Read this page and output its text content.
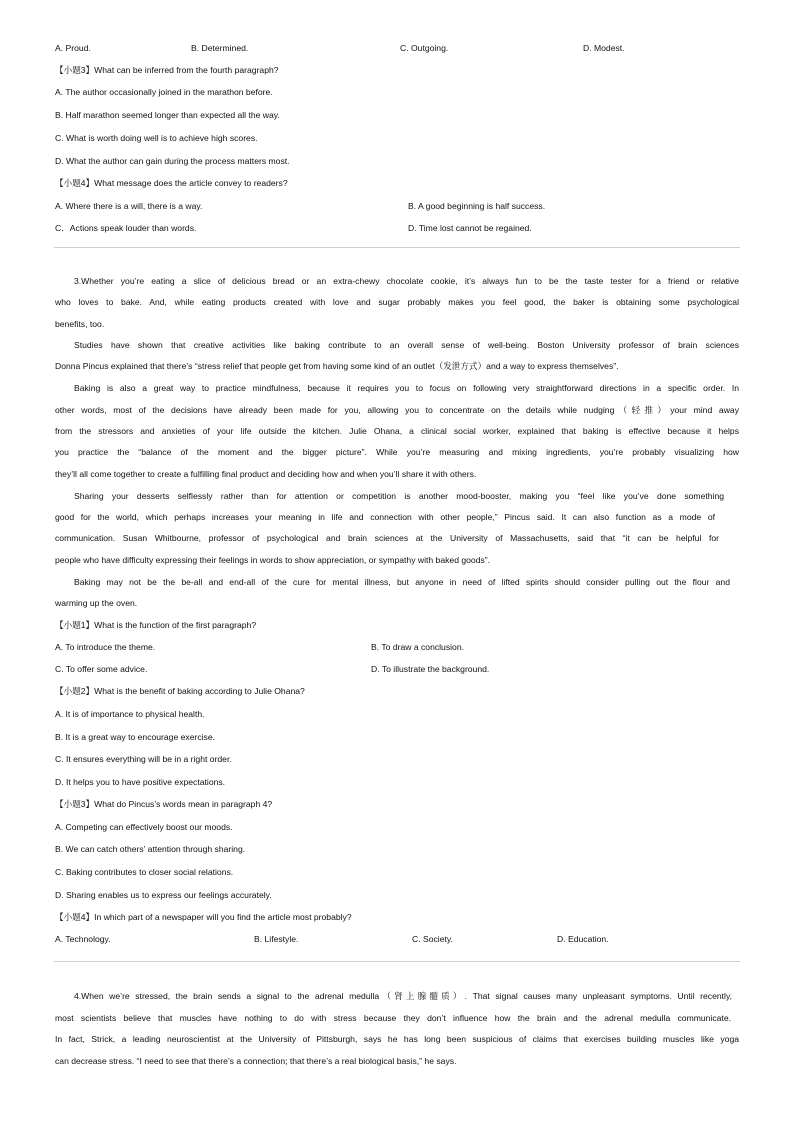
A. Proud.	B. Determined.	C. Outgoing.	D. Modest.
【小题3】What can be inferred from the fourth paragraph?
A. The author occasionally joined in the marathon before.
B. Half marathon seemed longer than expected all the way.
C. What is worth doing well is to achieve high scores.
D. What the author can gain during the process matters most.
【小题4】What message does the article convey to readers?
A. Where there is a will, there is a way.	B. A good beginning is half success.
C．Actions speak louder than words.	D. Time lost cannot be regained.
3.Whether you’re eating a slice of delicious bread or an extra-chewy chocolate cookie, it’s always fun to be the taste tester for a friend or relative
who loves to bake. And, while eating products created with love and sugar probably makes you feel good, the baker is obtaining some psychological
benefits, too.
Studies have shown that creative activities like baking contribute to an overall sense of well-being. Boston University professor of brain sciences
Donna Pincus explained that there’s “stress relief that people get from having some kind of an outlet（发泄方式）and a way to express themselves”.
Baking is also a great way to practice mindfulness, because it requires you to focus on following very straightforward directions in a specific order. In
other words, most of the decisions have already been made for you, allowing you to concentrate on the details while nudging（轻推）your mind away
from the stressors and anxieties of your life outside the kitchen. Julie Ohana, a clinical social worker, explained that baking is effective because it helps
you practice the “balance of the moment and the bigger picture”. While you’re measuring and mixing ingredients, you’re probably visualizing how
they’ll all come together to create a fulfilling final product and deciding how and when you’ll share it with others.
Sharing your desserts selflessly rather than for attention or competition is another mood-booster, making you “feel like you’ve done something
good for the world, which perhaps increases your meaning in life and connection with other people,” Pincus said. It can also function as a mode of
communication. Susan Whitbourne, professor of psychological and brain sciences at the University of Massachusetts, said that “it can be helpful for
people who have difficulty expressing their feelings in words to show appreciation, or sympathy with baked goods”.
Baking may not be the be-all and end-all of the cure for mental illness, but anyone in need of lifted spirits should consider pulling out the flour and
warming up the oven.
【小题1】What is the function of the first paragraph?
A. To introduce the theme.	B. To draw a conclusion.
C. To offer some advice.	D. To illustrate the background.
【小题2】What is the benefit of baking according to Julie Ohana?
A. It is of importance to physical health.
B. It is a great way to encourage exercise.
C. It ensures everything will be in a right order.
D. It helps you to have positive expectations.
【小题3】What do Pincus’s words mean in paragraph 4?
A. Competing can effectively boost our moods.
B. We can catch others’ attention through sharing.
C. Baking contributes to closer social relations.
D. Sharing enables us to express our feelings accurately.
【小题4】In which part of a newspaper will you find the article most probably?
A. Technology.	B. Lifestyle.	C. Society.	D. Education.
4.When we’re stressed, the brain sends a signal to the adrenal medulla（肾上腺髓质）. That signal causes many unpleasant symptoms. Until recently,
most scientists believe that muscles have nothing to do with stress because they don’t influence how the brain and the adrenal medulla communicate.
In fact, Strick, a leading neuroscientist at the University of Pittsburgh, says he has long been suspicious of claims that exercises building muscles like yoga
can decrease stress. “I need to see that there’s a connection; that there’s a real biological basis,” he says.
